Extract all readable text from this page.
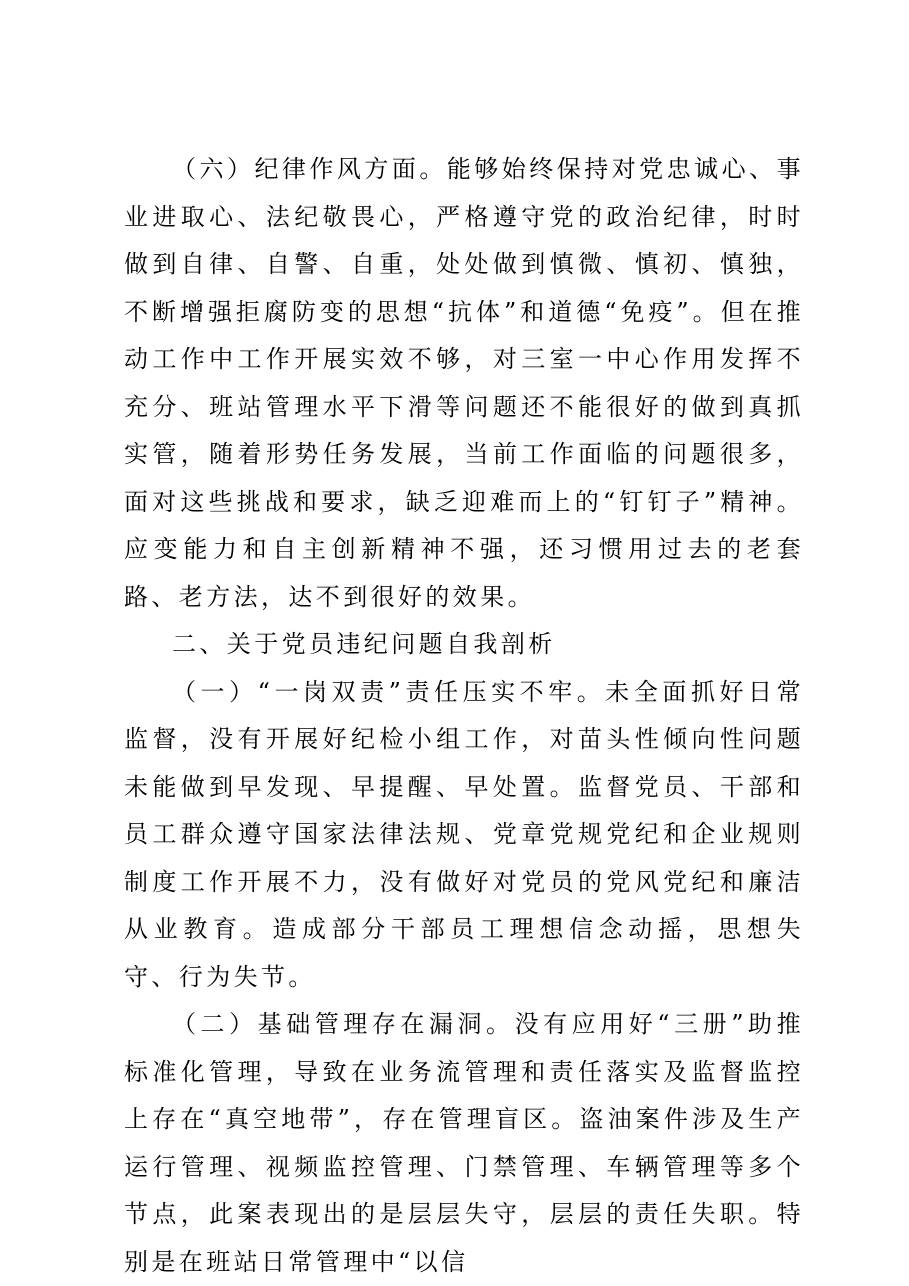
（六）纪律作风方面。能够始终保持对党忠诚心、事业进取心、法纪敬畏心，严格遵守党的政治纪律，时时做到自律、自警、自重，处处做到慎微、慎初、慎独，不断增强拒腐防变的思想“抗体”和道德“免疫”。但在推动工作中工作开展实效不够，对三室一中心作用发挥不充分、班站管理水平下滑等问题还不能很好的做到真抓实管，随着形势任务发展，当前工作面临的问题很多，面对这些挑战和要求，缺乏迎难而上的“钉钉子”精神。应变能力和自主创新精神不强，还习惯用过去的老套路、老方法，达不到很好的效果。

二、关于党员违纪问题自我剖析

（一）“一岗双责”责任压实不牢。未全面抓好日常监督，没有开展好纪检小组工作，对苗头性倾向性问题未能做到早发现、早提醒、早处置。监督党员、干部和员工群众遵守国家法律法规、党章党规党纪和企业规则制度工作开展不力，没有做好对党员的党风党纪和廉洁从业教育。造成部分干部员工理想信念动摇，思想失守、行为失节。

（二）基础管理存在漏洞。没有应用好“三册”助推标准化管理，导致在业务流管理和责任落实及监督监控上存在“真空地带”，存在管理盲区。盗油案件涉及生产运行管理、视频监控管理、门禁管理、车辆管理等多个节点，此案表现出的是层层失守，层层的责任失职。特别是在班站日常管理中“以信
